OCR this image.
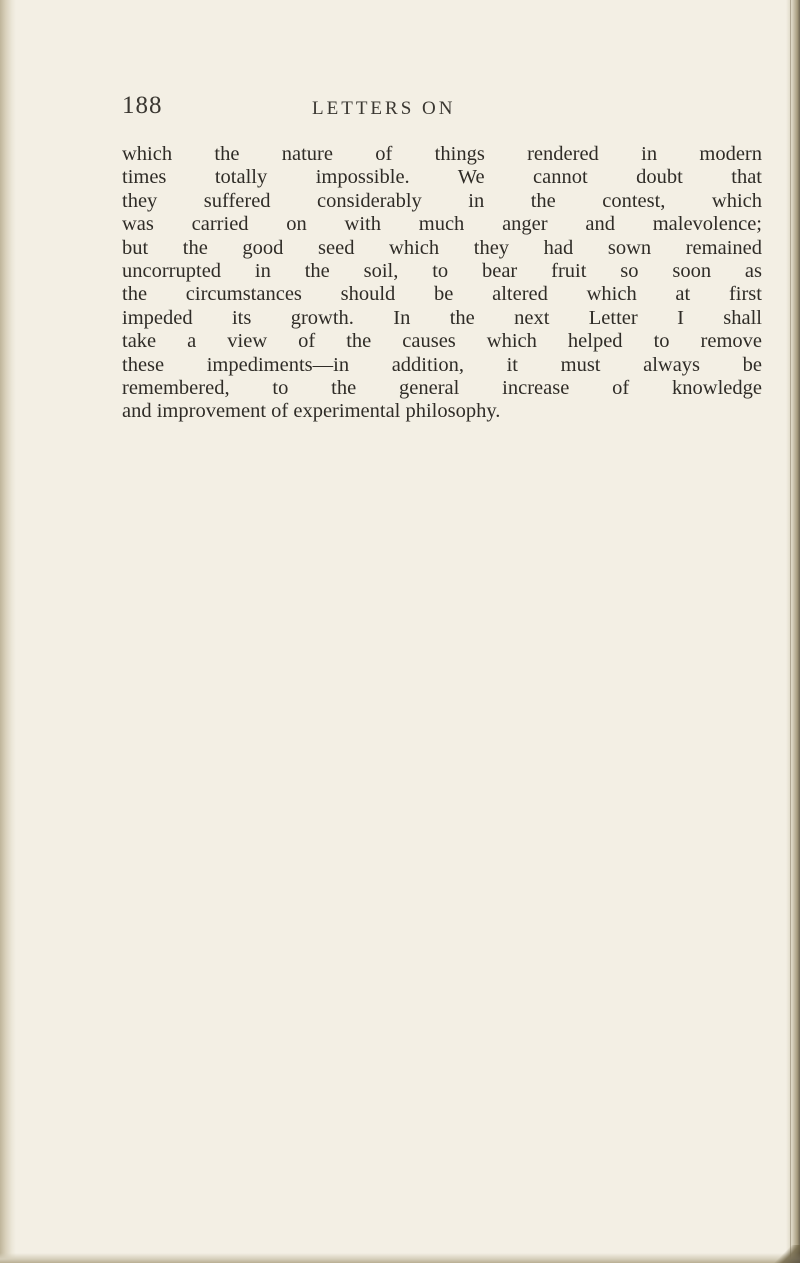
188	LETTERS ON
which the nature of things rendered in modern
times totally impossible. We cannot doubt that
they suffered considerably in the contest, which
was carried on with much anger and malevolence;
but the good seed which they had sown remained
uncorrupted in the soil, to bear fruit so soon as
the circumstances should be altered which at first
impeded its growth. In the next Letter I shall
take a view of the causes which helped to remove
these impediments—in addition, it must always be
remembered, to the general increase of knowledge
and improvement of experimental philosophy.
